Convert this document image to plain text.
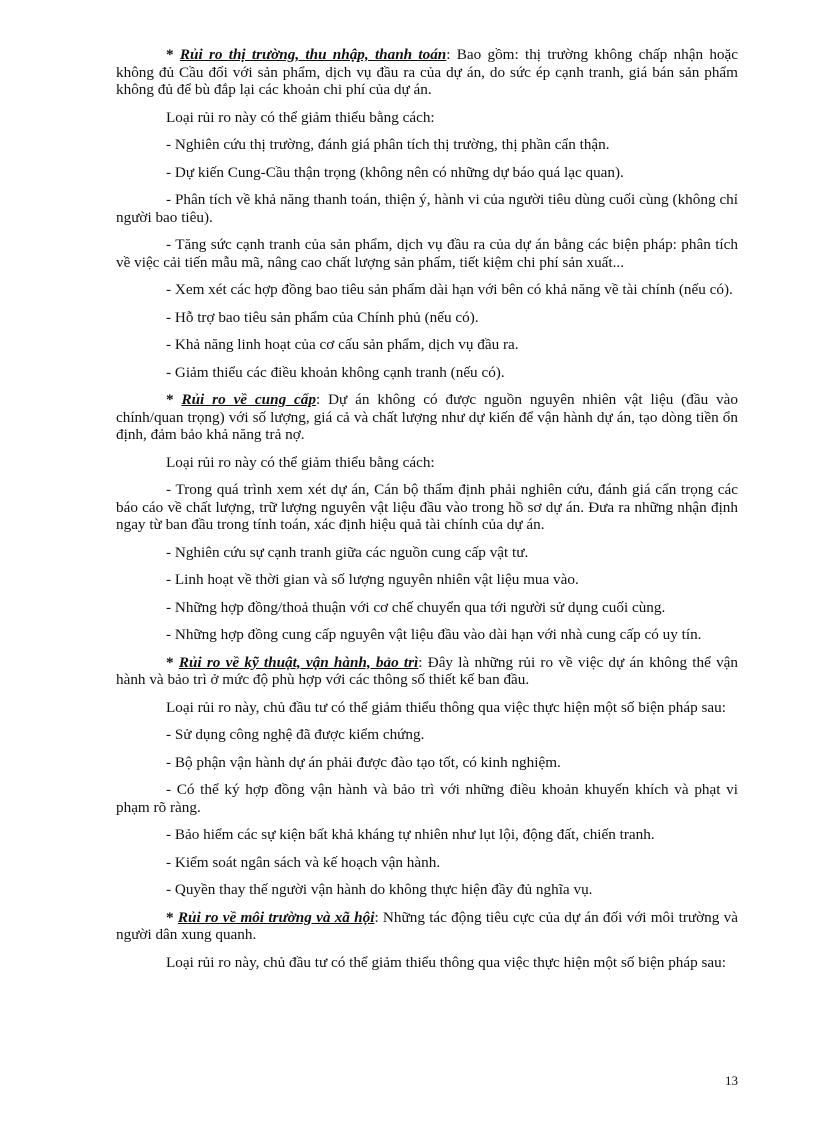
* Rủi ro thị trường, thu nhập, thanh toán: Bao gồm: thị trường không chấp nhận hoặc không đủ Cầu đối với sản phẩm, dịch vụ đầu ra của dự án, do sức ép cạnh tranh, giá bán sản phẩm không đủ để bù đắp lại các khoản chi phí của dự án.

Loại rủi ro này có thể giảm thiểu bằng cách:

- Nghiên cứu thị trường, đánh giá phân tích thị trường, thị phần cẩn thận.

- Dự kiến Cung-Cầu thận trọng (không nên có những dự báo quá lạc quan).

- Phân tích về khả năng thanh toán, thiện ý, hành vi của người tiêu dùng cuối cùng (không chỉ người bao tiêu).

- Tăng sức cạnh tranh của sản phẩm, dịch vụ đầu ra của dự án bằng các biện pháp: phân tích về việc cải tiến mẫu mã, nâng cao chất lượng sản phẩm, tiết kiệm chi phí sản xuất...

- Xem xét các hợp đồng bao tiêu sản phẩm dài hạn với bên có khả năng về tài chính (nếu có).

- Hỗ trợ bao tiêu sản phẩm của Chính phủ (nếu có).

- Khả năng linh hoạt của cơ cấu sản phẩm, dịch vụ đầu ra.

- Giảm thiểu các điều khoản không cạnh tranh (nếu có).

* Rủi ro về cung cấp: Dự án không có được nguồn nguyên nhiên vật liệu (đầu vào chính/quan trọng) với số lượng, giá cả và chất lượng như dự kiến để vận hành dự án, tạo dòng tiền ổn định, đảm bảo khả năng trả nợ.

Loại rủi ro này có thể giảm thiểu bằng cách:

- Trong quá trình xem xét dự án, Cán bộ thẩm định phải nghiên cứu, đánh giá cẩn trọng các báo cáo về chất lượng, trữ lượng nguyên vật liệu đầu vào trong hồ sơ dự án. Đưa ra những nhận định ngay từ ban đầu trong tính toán, xác định hiệu quả tài chính của dự án.

- Nghiên cứu sự cạnh tranh giữa các nguồn cung cấp vật tư.

- Linh hoạt về thời gian và số lượng nguyên nhiên vật liệu mua vào.

- Những hợp đồng/thoả thuận với cơ chế chuyển qua tới người sử dụng cuối cùng.

- Những hợp đồng cung cấp nguyên vật liệu đầu vào dài hạn với nhà cung cấp có uy tín.

* Rủi ro về kỹ thuật, vận hành, bảo trì: Đây là những rủi ro về việc dự án không thể vận hành và bảo trì ở mức độ phù hợp với các thông số thiết kế ban đầu.

Loại rủi ro này, chủ đầu tư có thể giảm thiểu thông qua việc thực hiện một số biện pháp sau:

- Sử dụng công nghệ đã được kiểm chứng.

- Bộ phận vận hành dự án phải được đào tạo tốt, có kinh nghiệm.

- Có thể ký hợp đồng vận hành và bảo trì với những điều khoản khuyến khích và phạt vi phạm rõ ràng.

- Bảo hiểm các sự kiện bất khả kháng tự nhiên như lụt lội, động đất, chiến tranh.

- Kiểm soát ngân sách và kế hoạch vận hành.

- Quyền thay thế người vận hành do không thực hiện đầy đủ nghĩa vụ.

* Rủi ro về môi trường và xã hội: Những tác động tiêu cực của dự án đối với môi trường và người dân xung quanh.

Loại rủi ro này, chủ đầu tư có thể giảm thiểu thông qua việc thực hiện một số biện pháp sau:

13
